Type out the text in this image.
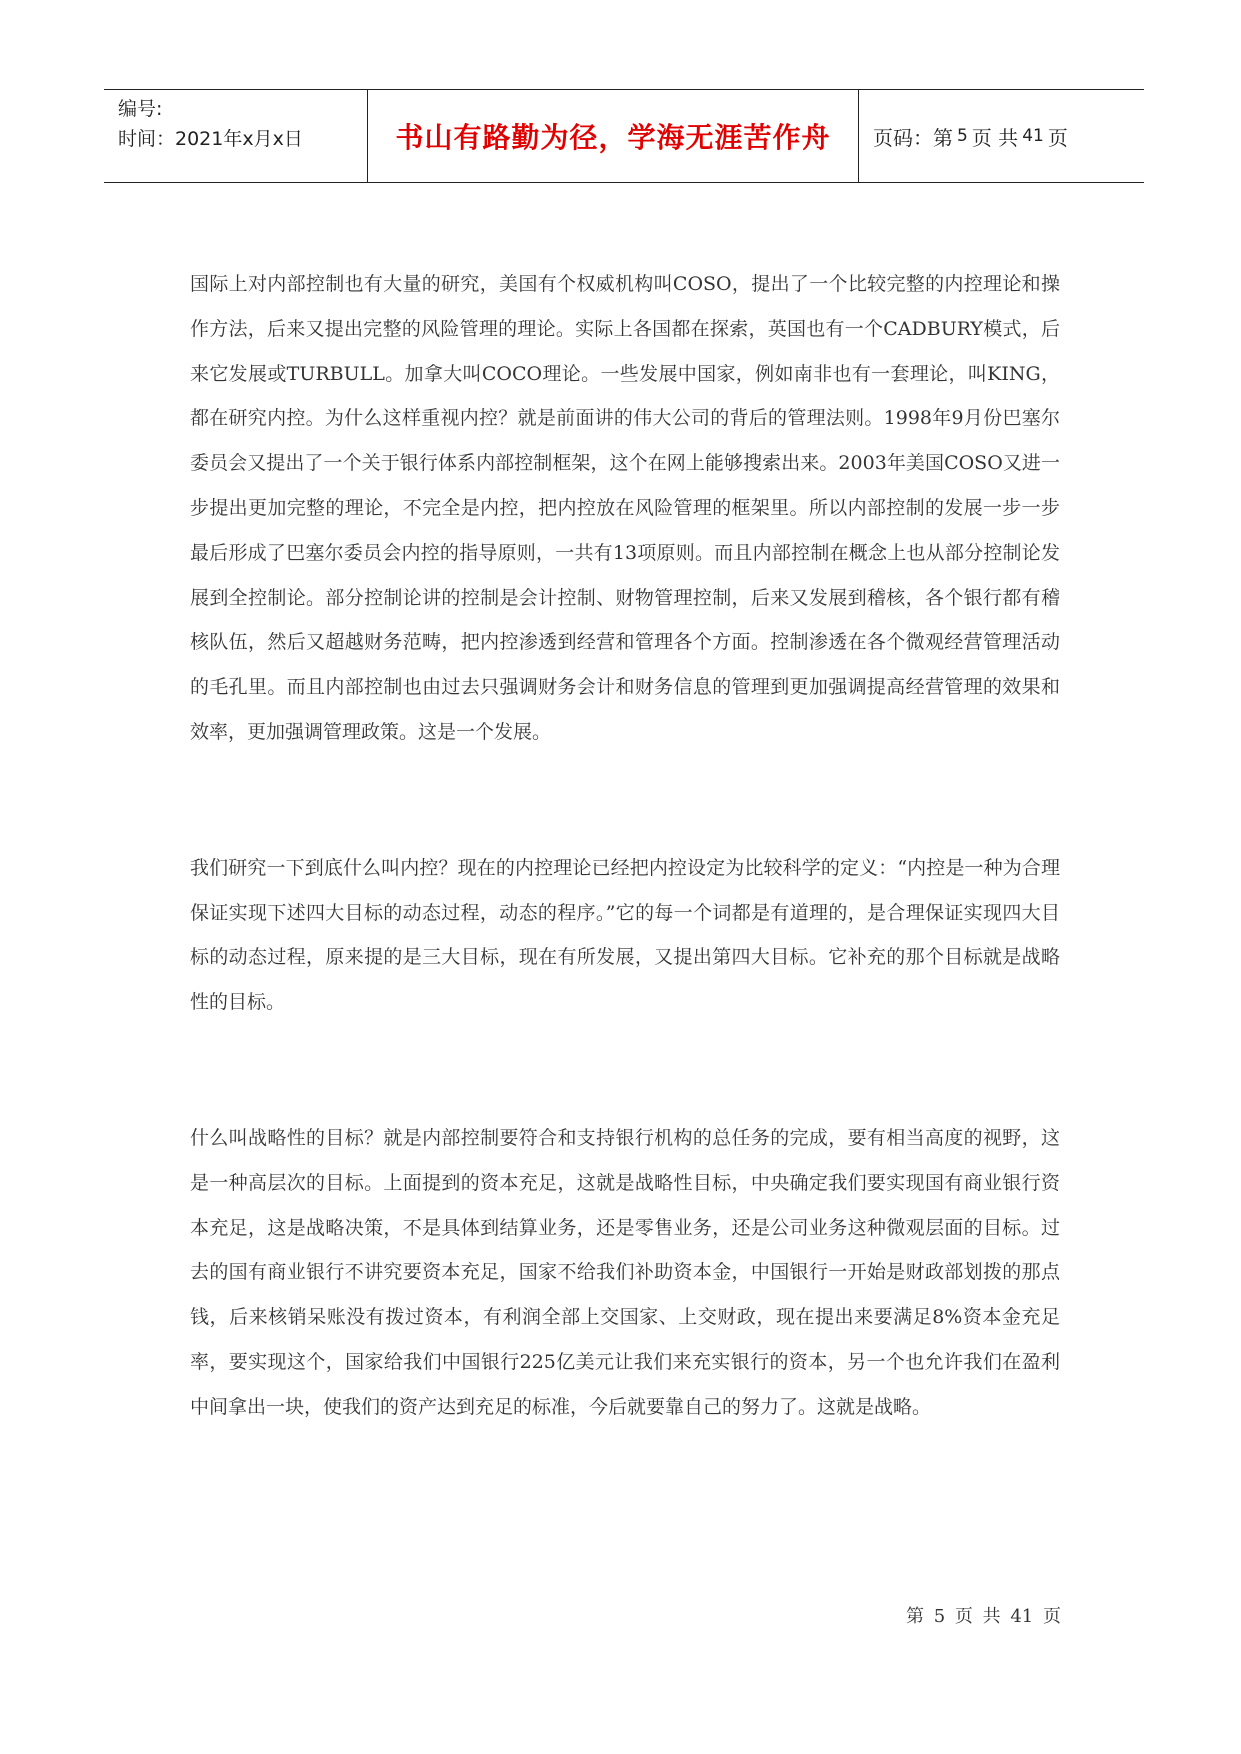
编号:
时间：2021年x月x日	书山有路勤为径，学海无涯苦作舟 页码：第 5 页 共 41 页

国际上对内部控制也有大量的研究，美国有个权威机构叫COSO，提出了一个比较完整的内控理论和操作方法，后来又提出完整的风险管理的理论。实际上各国都在探索，英国也有一个CADBURY模式，后来它发展或TURBULL。加拿大叫COCO理论。一些发展中国家，例如南非也有一套理论，叫KING，都在研究内控。为什么这样重视内控？就是前面讲的伟大公司的背后的管理法则。1998年9月份巴塞尔委员会又提出了一个关于银行体系内部控制框架，这个在网上能够搜索出来。2003年美国COSO又进一步提出更加完整的理论，不完全是内控，把内控放在风险管理的框架里。所以内部控制的发展一步一步最后形成了巴塞尔委员会内控的指导原则，一共有13项原则。而且内部控制在概念上也从部分控制论发展到全控制论。部分控制论讲的控制是会计控制、财物管理控制，后来又发展到稽核，各个银行都有稽核队伍，然后又超越财务范畴，把内控渗透到经营和管理各个方面。控制渗透在各个微观经营管理活动的毛孔里。而且内部控制也由过去只强调财务会计和财务信息的管理到更加强调提高经营管理的效果和效率，更加强调管理政策。这是一个发展。

我们研究一下到底什么叫内控？现在的内控理论已经把内控设定为比较科学的定义：“内控是一种为合理保证实现下述四大目标的动态过程，动态的程序。”它的每一个词都是有道理的，是合理保证实现四大目标的动态过程，原来提的是三大目标，现在有所发展，又提出第四大目标。它补充的那个目标就是战略性的目标。

什么叫战略性的目标？就是内部控制要符合和支持银行机构的总任务的完成，要有相当高度的视野，这是一种高层次的目标。上面提到的资本充足，这就是战略性目标，中央确定我们要实现国有商业银行资本充足，这是战略决策，不是具体到结算业务，还是零售业务，还是公司业务这种微观层面的目标。过去的国有商业银行不讲究要资本充足，国家不给我们补助资本金，中国银行一开始是财政部划拨的那点钱，后来核销呆账没有拨过资本，有利润全部上交国家、上交财政，现在提出来要满足8%资本金充足率，要实现这个，国家给我们中国银行225亿美元让我们来充实银行的资本，另一个也允许我们在盈利中间拿出一块，使我们的资产达到充足的标准，今后就要靠自己的努力了。这就是战略。

第 5 页 共 41 页
